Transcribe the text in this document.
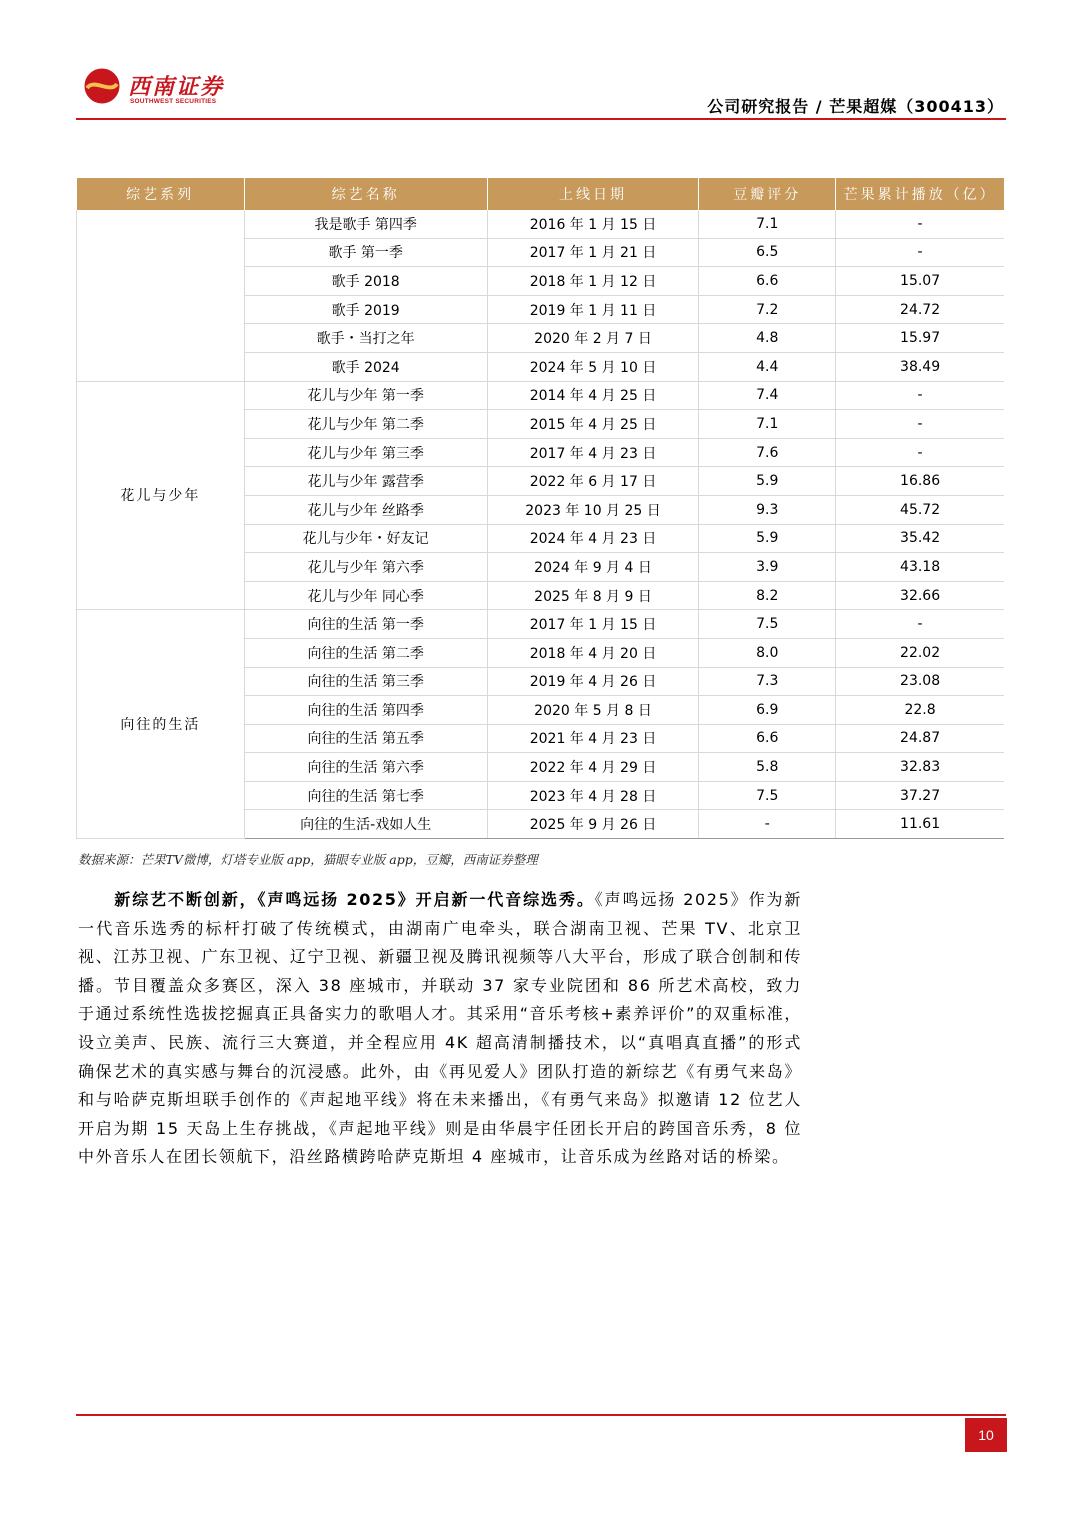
西南证券
SOUTHWEST SECURITIES	公司研究报告 / 芒果超媒（300413）
综艺系列	综艺名称	上线日期	豆瓣评分	芒果累计播放（亿）
	我是歌手 第四季	2016 年 1 月 15 日	7.1	-
	歌手 第一季	2017 年 1 月 21 日	6.5	-
	歌手 2018	2018 年 1 月 12 日	6.6	15.07
	歌手 2019	2019 年 1 月 11 日	7.2	24.72
	歌手・当打之年	2020 年 2 月 7 日	4.8	15.97
	歌手 2024	2024 年 5 月 10 日	4.4	38.49
花儿与少年	花儿与少年 第一季	2014 年 4 月 25 日	7.4	-
	花儿与少年 第二季	2015 年 4 月 25 日	7.1	-
	花儿与少年 第三季	2017 年 4 月 23 日	7.6	-
	花儿与少年 露营季	2022 年 6 月 17 日	5.9	16.86
	花儿与少年 丝路季	2023 年 10 月 25 日	9.3	45.72
	花儿与少年・好友记	2024 年 4 月 23 日	5.9	35.42
	花儿与少年 第六季	2024 年 9 月 4 日	3.9	43.18
	花儿与少年 同心季	2025 年 8 月 9 日	8.2	32.66
向往的生活	向往的生活 第一季	2017 年 1 月 15 日	7.5	-
	向往的生活 第二季	2018 年 4 月 20 日	8.0	22.02
	向往的生活 第三季	2019 年 4 月 26 日	7.3	23.08
	向往的生活 第四季	2020 年 5 月 8 日	6.9	22.8
	向往的生活 第五季	2021 年 4 月 23 日	6.6	24.87
	向往的生活 第六季	2022 年 4 月 29 日	5.8	32.83
	向往的生活 第七季	2023 年 4 月 28 日	7.5	37.27
	向往的生活-戏如人生	2025 年 9 月 26 日	-	11.61
数据来源：芒果TV微博，灯塔专业版 app，猫眼专业版 app，豆瓣，西南证券整理
新综艺不断创新，《声鸣远扬 2025》开启新一代音综选秀。《声鸣远扬 2025》作为新一代音乐选秀的标杆打破了传统模式，由湖南广电牵头，联合湖南卫视、芒果 TV、北京卫视、江苏卫视、广东卫视、辽宁卫视、新疆卫视及腾讯视频等八大平台，形成了联合创制和传播。节目覆盖众多赛区，深入 38 座城市，并联动 37 家专业院团和 86 所艺术高校，致力于通过系统性选拔挖掘真正具备实力的歌唱人才。其采用“音乐考核+素养评价”的双重标准，设立美声、民族、流行三大赛道，并全程应用 4K 超高清制播技术，以“真唱真直播”的形式确保艺术的真实感与舞台的沉浸感。此外，由《再见爱人》团队打造的新综艺《有勇气来岛》和与哈萨克斯坦联手创作的《声起地平线》将在未来播出，《有勇气来岛》拟邀请 12 位艺人开启为期 15 天岛上生存挑战，《声起地平线》则是由华晨宇任团长开启的跨国音乐秀，8 位中外音乐人在团长领航下，沿丝路横跨哈萨克斯坦 4 座城市，让音乐成为丝路对话的桥梁。
10
